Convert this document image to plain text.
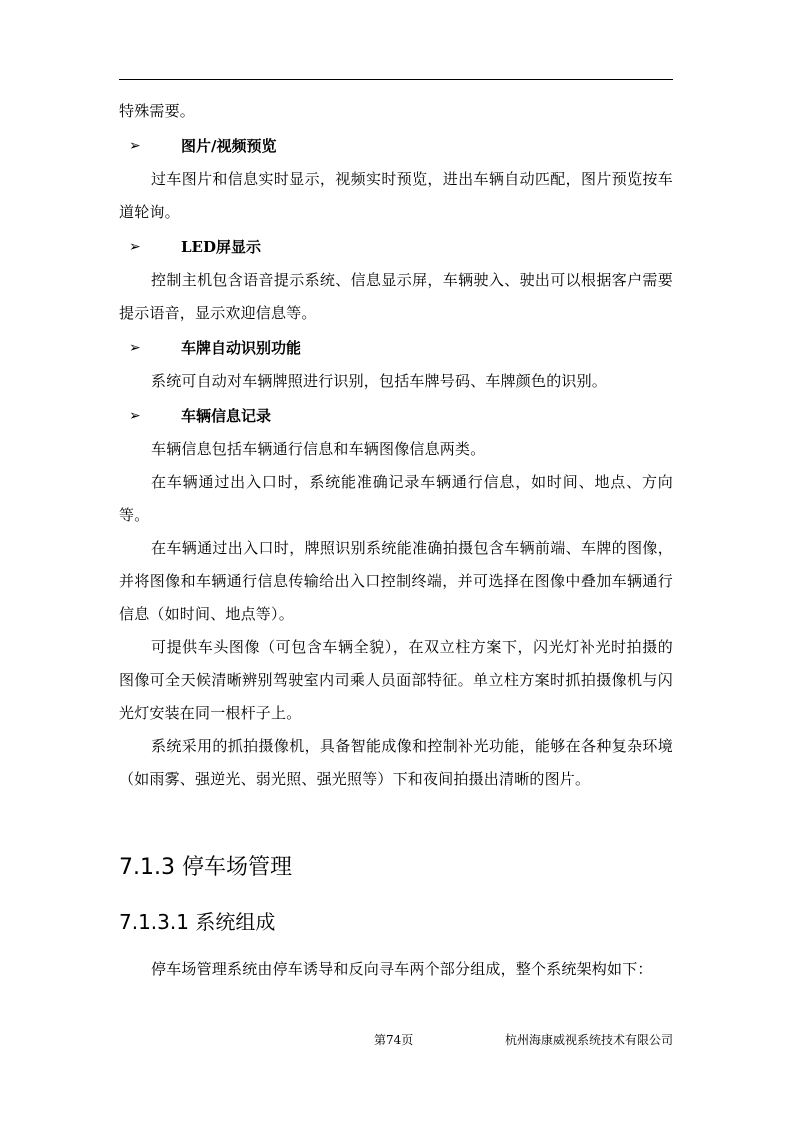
特殊需要。

➢	图片/视频预览

过车图片和信息实时显示，视频实时预览，进出车辆自动匹配，图片预览按车道轮询。

➢	LED屏显示

控制主机包含语音提示系统、信息显示屏，车辆驶入、驶出可以根据客户需要提示语音，显示欢迎信息等。

➢	车牌自动识别功能

系统可自动对车辆牌照进行识别，包括车牌号码、车牌颜色的识别。

➢	车辆信息记录

车辆信息包括车辆通行信息和车辆图像信息两类。

在车辆通过出入口时，系统能准确记录车辆通行信息，如时间、地点、方向等。

在车辆通过出入口时，牌照识别系统能准确拍摄包含车辆前端、车牌的图像，并将图像和车辆通行信息传输给出入口控制终端，并可选择在图像中叠加车辆通行信息（如时间、地点等）。

可提供车头图像（可包含车辆全貌），在双立柱方案下，闪光灯补光时拍摄的图像可全天候清晰辨别驾驶室内司乘人员面部特征。单立柱方案时抓拍摄像机与闪光灯安装在同一根杆子上。

系统采用的抓拍摄像机，具备智能成像和控制补光功能，能够在各种复杂环境（如雨雾、强逆光、弱光照、强光照等）下和夜间拍摄出清晰的图片。

7.1.3 停车场管理
7.1.3.1 系统组成

停车场管理系统由停车诱导和反向寻车两个部分组成，整个系统架构如下：

第74页	杭州海康威视系统技术有限公司
